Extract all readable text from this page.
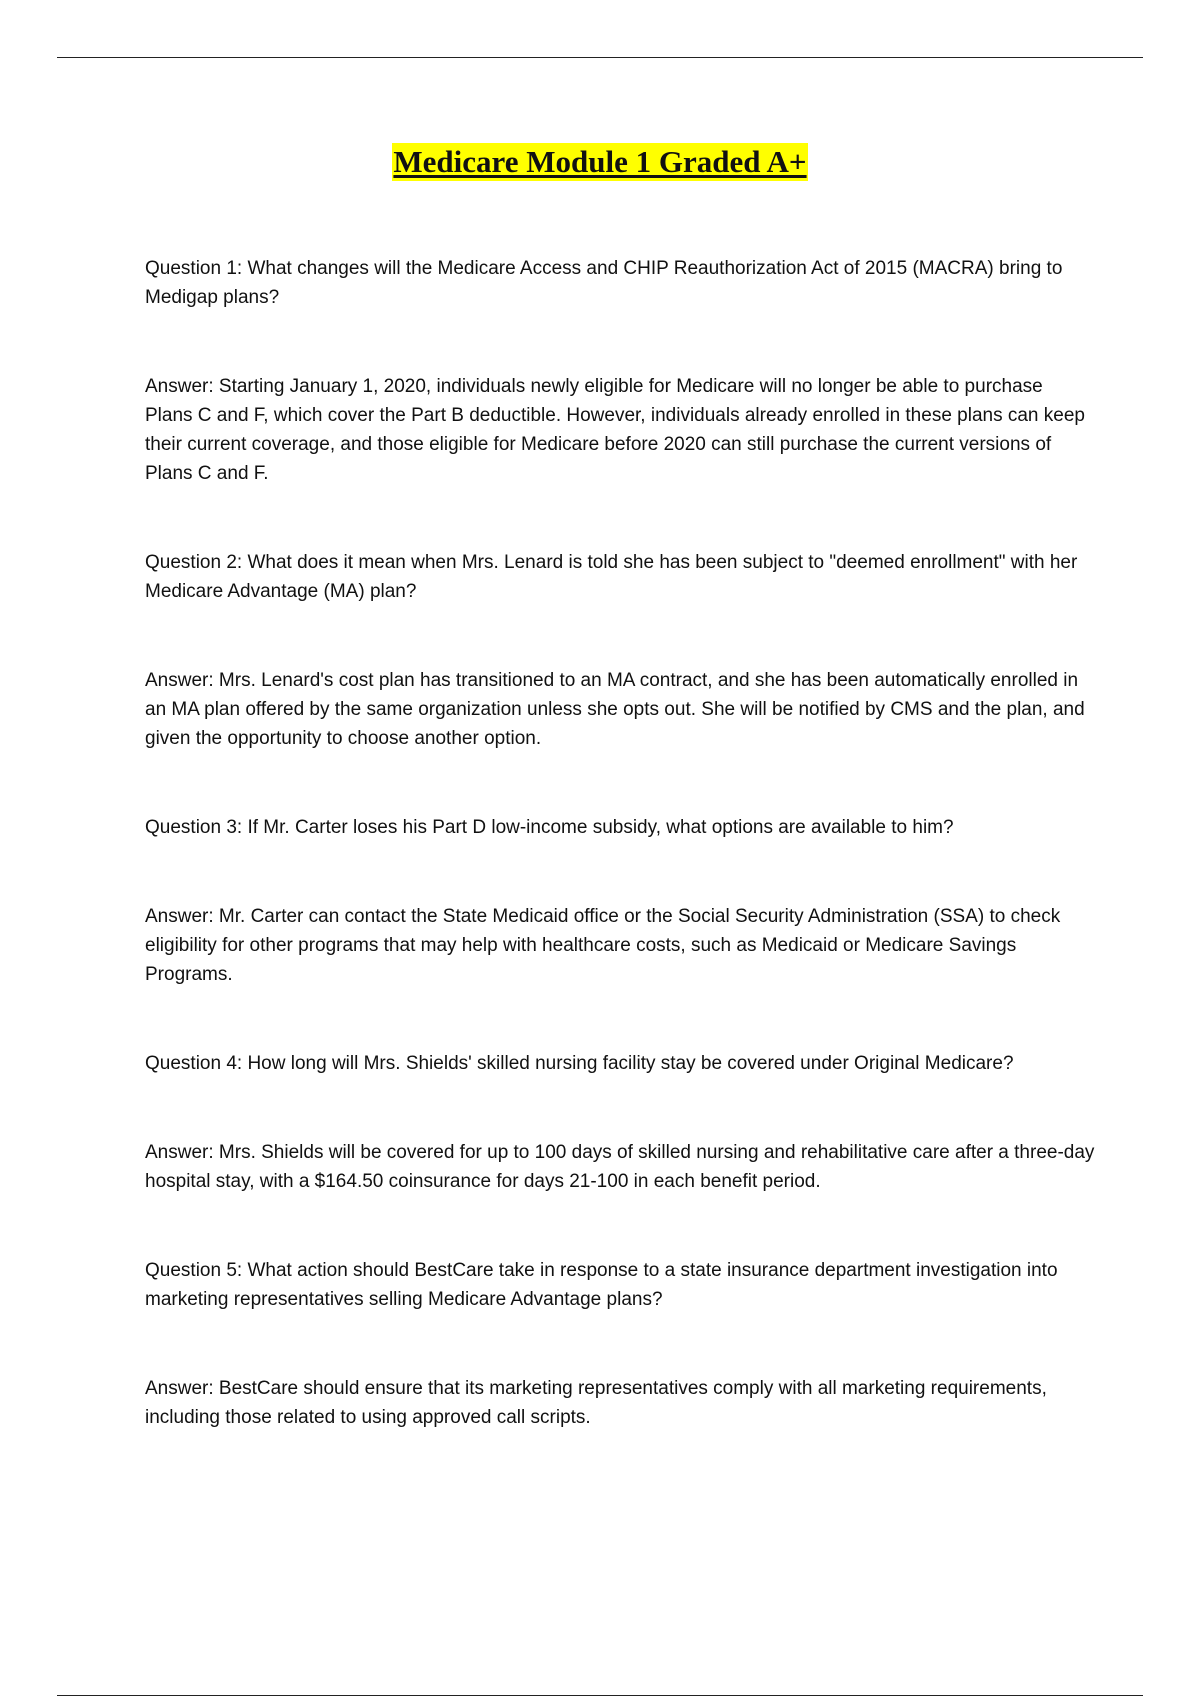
Medicare Module 1 Graded A+

Question 1: What changes will the Medicare Access and CHIP Reauthorization Act of 2015 (MACRA) bring to Medigap plans?

Answer: Starting January 1, 2020, individuals newly eligible for Medicare will no longer be able to purchase Plans C and F, which cover the Part B deductible. However, individuals already enrolled in these plans can keep their current coverage, and those eligible for Medicare before 2020 can still purchase the current versions of Plans C and F.

Question 2: What does it mean when Mrs. Lenard is told she has been subject to "deemed enrollment" with her Medicare Advantage (MA) plan?

Answer: Mrs. Lenard's cost plan has transitioned to an MA contract, and she has been automatically enrolled in an MA plan offered by the same organization unless she opts out. She will be notified by CMS and the plan, and given the opportunity to choose another option.

Question 3: If Mr. Carter loses his Part D low-income subsidy, what options are available to him?

Answer: Mr. Carter can contact the State Medicaid office or the Social Security Administration (SSA) to check eligibility for other programs that may help with healthcare costs, such as Medicaid or Medicare Savings Programs.

Question 4: How long will Mrs. Shields' skilled nursing facility stay be covered under Original Medicare?

Answer: Mrs. Shields will be covered for up to 100 days of skilled nursing and rehabilitative care after a three-day hospital stay, with a $164.50 coinsurance for days 21-100 in each benefit period.

Question 5: What action should BestCare take in response to a state insurance department investigation into marketing representatives selling Medicare Advantage plans?

Answer: BestCare should ensure that its marketing representatives comply with all marketing requirements, including those related to using approved call scripts.
